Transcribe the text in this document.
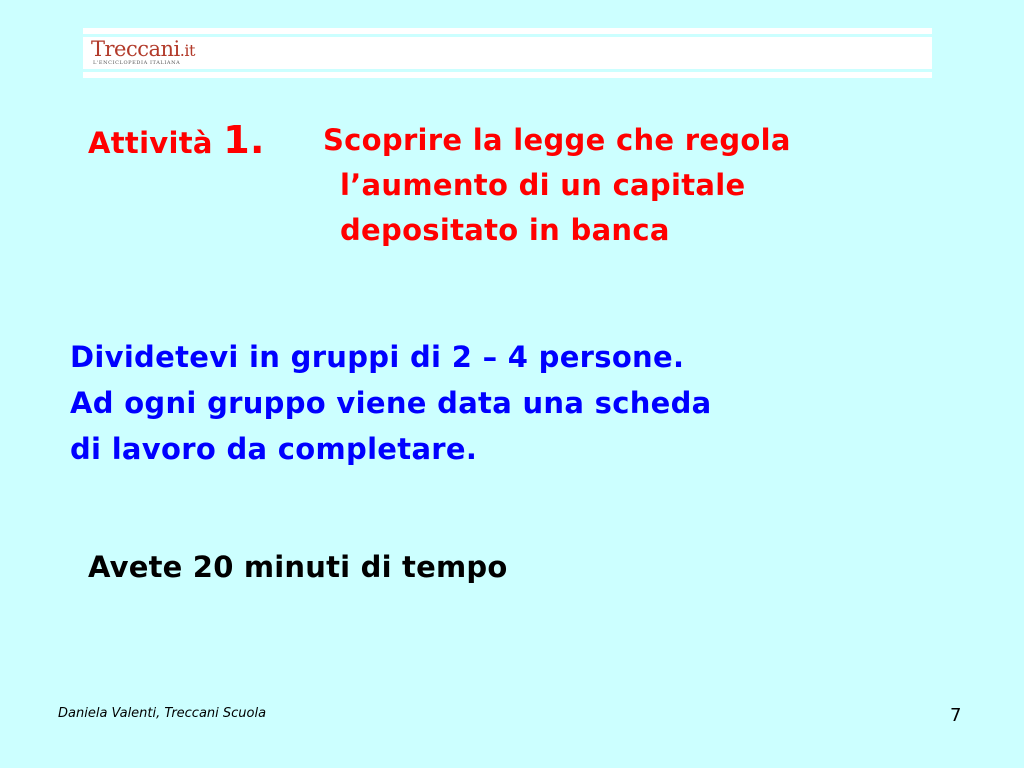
Treccani.it
L'ENCICLOPEDIA ITALIANA
Attività 1. Scoprire la legge che regola
l’aumento di un capitale
depositato in banca
Dividetevi in gruppi di 2 – 4 persone.
Ad ogni gruppo viene data una scheda
di lavoro da completare.
Avete 20 minuti di tempo
Daniela Valenti, Treccani Scuola	7
